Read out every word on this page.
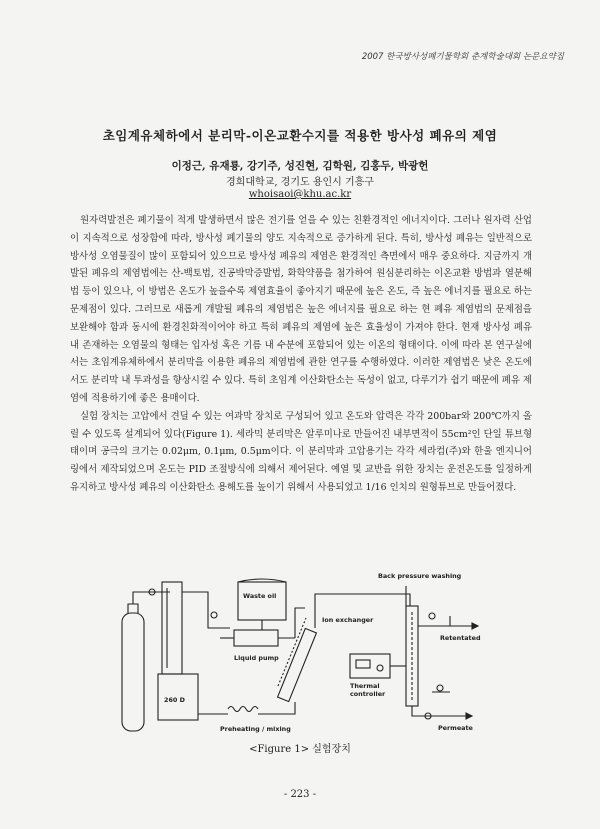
2007 한국방사성폐기물학회 춘계학술대회 논문요약집
초임계유체하에서 분리막-이온교환수지를 적용한 방사성 폐유의 제염
이정근, 유재룡, 강기주, 성진현, 김학원, 김홍두, 박광헌
경희대학교, 경기도 용인시 기흥구
whoisaoi@khu.ac.kr

원자력발전은 폐기물이 적게 발생하면서 많은 전기를 얻을 수 있는 친환경적인 에너지이다. 그러나 원자력 산업이 지속적으로 성장함에 따라, 방사성 폐기물의 양도 지속적으로 증가하게 된다. 특히, 방사성 폐유는 일반적으로 방사성 오염물질이 많이 포함되어 있으므로 방사성 폐유의 제염은 환경적인 측면에서 매우 중요하다. 지금까지 개발된 폐유의 제염법에는 산-백토법, 진공박막증발법, 화학약품을 첨가하여 원심분리하는 이온교환 방법과 열분해법 등이 있으나, 이 방법은 온도가 높을수록 제염효율이 좋아지기 때문에 높은 온도, 즉 높은 에너지를 필요로 하는 문제점이 있다. 그러므로 새롭게 개발될 폐유의 제염법은 높은 에너지를 필요로 하는 현 폐유 제염법의 문제점을 보완해야 함과 동시에 환경친화적이어야 하고 특히 폐유의 제염에 높은 효율성이 가져야 한다. 현재 방사성 폐유 내 존재하는 오염물의 형태는 입자성 혹은 기름 내 수분에 포함되어 있는 이온의 형태이다. 이에 따라 본 연구실에서는 초임계유체하에서 분리막을 이용한 폐유의 제염법에 관한 연구를 수행하였다. 이러한 제염법은 낮은 온도에서도 분리막 내 투과성을 향상시킬 수 있다. 특히 초임계 이산화탄소는 독성이 없고, 다루기가 쉽기 때문에 폐유 제염에 적용하기에 좋은 용매이다.

실험 장치는 고압에서 견딜 수 있는 여과막 장치로 구성되어 있고 온도와 압력은 각각 200bar와 200℃까지 올릴 수 있도록 설계되어 있다(Figure 1). 세라믹 분리막은 알루미나로 만들어진 내부면적이 55cm²인 단일 튜브형태이며 공극의 크기는 0.02μm, 0.1μm, 0.5μm이다. 이 분리막과 고압용기는 각각 세라컴(주)와 한울 엔지니어링에서 제작되었으며 온도는 PID 조절방식에 의해서 제어된다. 예열 및 교반을 위한 장치는 운전온도를 일정하게 유지하고 방사성 폐유의 이산화탄소 용해도를 높이기 위해서 사용되었고 1/16 인치의 원형튜브로 만들어졌다.

Waste oil
Liquid pump
Ion exchanger
Back pressure washing
Retentated
Thermal
controller
Permeate
260 D
Preheating / mixing
<Figure 1> 실험장치
- 223 -
